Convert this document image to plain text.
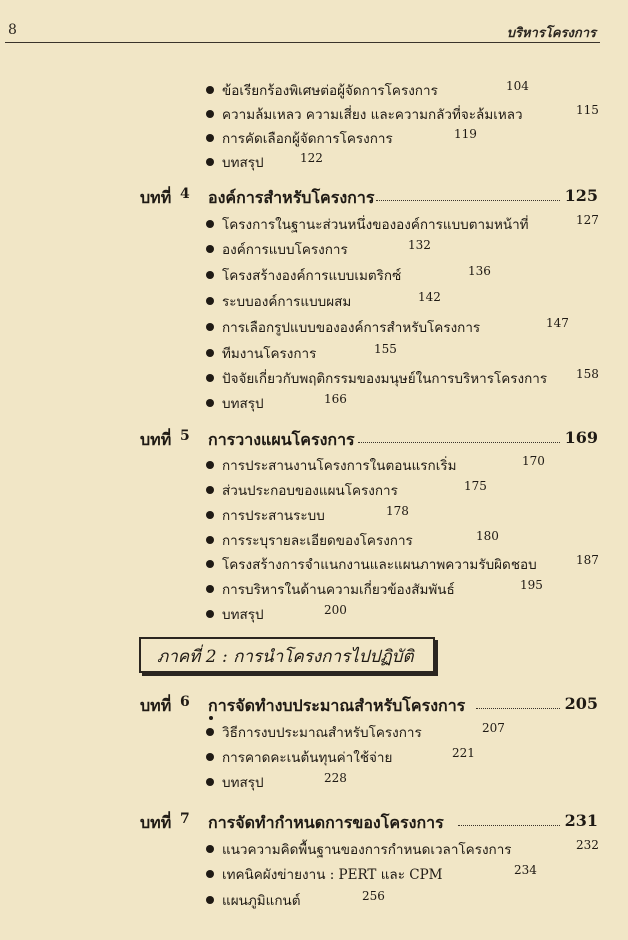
8	บริหารโครงการ
ข้อเรียกร้องพิเศษต่อผู้จัดการโครงการ	104
ความล้มเหลว ความเสี่ยง และความกลัวที่จะล้มเหลว	115
การคัดเลือกผู้จัดการโครงการ	119
บทสรุป	122
บทที่ 4 องค์การสำหรับโครงการ	125
โครงการในฐานะส่วนหนึ่งขององค์การแบบตามหน้าที่	127
องค์การแบบโครงการ	132
โครงสร้างองค์การแบบเมตริกซ์	136
ระบบองค์การแบบผสม	142
การเลือกรูปแบบขององค์การสำหรับโครงการ	147
ทีมงานโครงการ	155
ปัจจัยเกี่ยวกับพฤติกรรมของมนุษย์ในการบริหารโครงการ 158
บทสรุป	166
บทที่ 5 การวางแผนโครงการ	169
การประสานงานโครงการในตอนแรกเริ่ม	170
ส่วนประกอบของแผนโครงการ	175
การประสานระบบ	178
การระบุรายละเอียดของโครงการ	180
โครงสร้างการจำแนกงานและแผนภาพความรับผิดชอบ	187
การบริหารในด้านความเกี่ยวข้องสัมพันธ์	195
บทสรุป	200
ภาคที่ 2 : การนำโครงการไปปฏิบัติ
บทที่ 6 การจัดทำงบประมาณสำหรับโครงการ	205
วิธีการงบประมาณสำหรับโครงการ	207
การคาดคะเนต้นทุนค่าใช้จ่าย	221
บทสรุป	228
บทที่ 7 การจัดทำกำหนดการของโครงการ	231
แนวความคิดพื้นฐานของการกำหนดเวลาโครงการ	232
เทคนิคผังข่ายงาน : PERT และ CPM	234
แผนภูมิแกนต์	256
